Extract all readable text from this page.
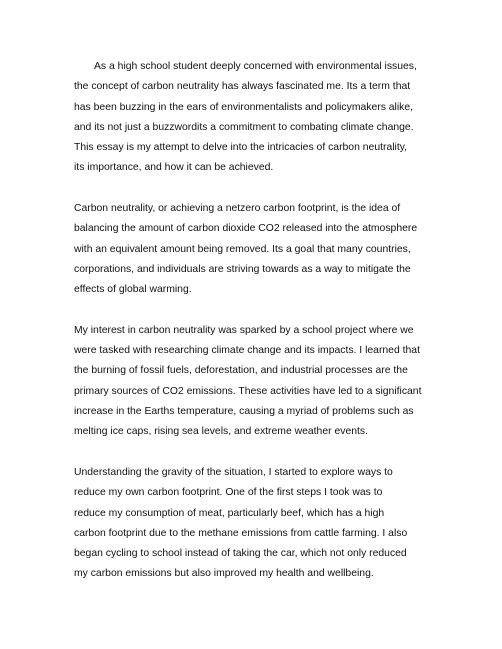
As a high school student deeply concerned with environmental issues,
the concept of carbon neutrality has always fascinated me. Its a term that
has been buzzing in the ears of environmentalists and policymakers alike,
and its not just a buzzwordits a commitment to combating climate change.
This essay is my attempt to delve into the intricacies of carbon neutrality,
its importance, and how it can be achieved.

Carbon neutrality, or achieving a netzero carbon footprint, is the idea of
balancing the amount of carbon dioxide CO2 released into the atmosphere
with an equivalent amount being removed. Its a goal that many countries,
corporations, and individuals are striving towards as a way to mitigate the
effects of global warming.

My interest in carbon neutrality was sparked by a school project where we
were tasked with researching climate change and its impacts. I learned that
the burning of fossil fuels, deforestation, and industrial processes are the
primary sources of CO2 emissions. These activities have led to a significant
increase in the Earths temperature, causing a myriad of problems such as
melting ice caps, rising sea levels, and extreme weather events.

Understanding the gravity of the situation, I started to explore ways to
reduce my own carbon footprint. One of the first steps I took was to
reduce my consumption of meat, particularly beef, which has a high
carbon footprint due to the methane emissions from cattle farming. I also
began cycling to school instead of taking the car, which not only reduced
my carbon emissions but also improved my health and wellbeing.
